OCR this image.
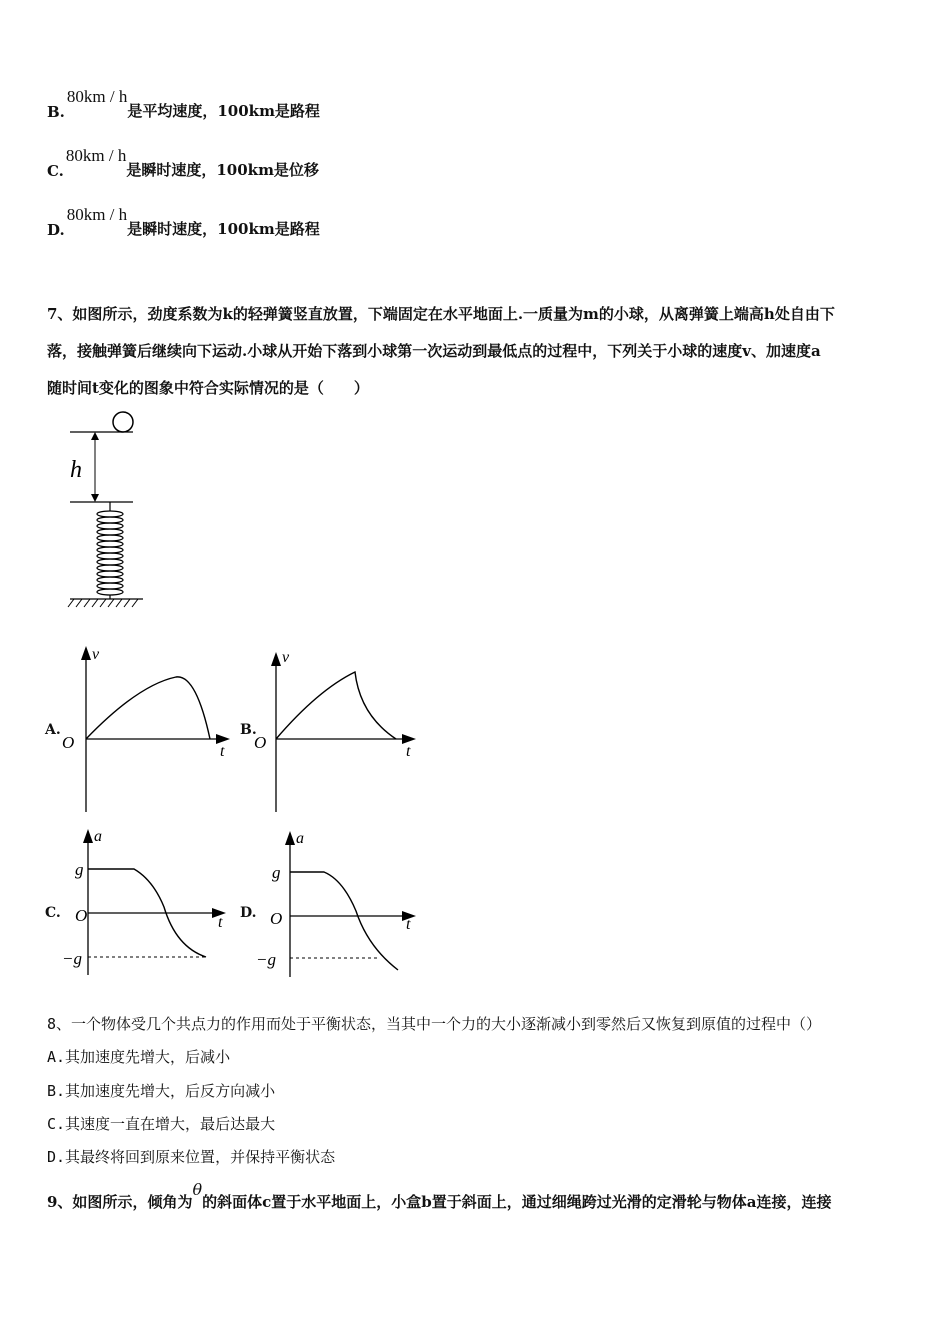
B.80km / h是平均速度，100km是路程
C.80km / h是瞬时速度，100km是位移
D.80km / h是瞬时速度，100km是路程
7、如图所示，劲度系数为k的轻弹簧竖直放置，下端固定在水平地面上.一质量为m的小球，从离弹簧上端高h处自由下
落，接触弹簧后继续向下运动.小球从开始下落到小球第一次运动到最低点的过程中，下列关于小球的速度v、加速度a
随时间t变化的图象中符合实际情况的是（　　）
h
A.
v
t
O
B.
v
t
O
C.
a
t
g
O
−g
D.
a
t
g
O
−g
8、一个物体受几个共点力的作用而处于平衡状态，当其中一个力的大小逐渐减小到零然后又恢复到原值的过程中（）
A.其加速度先增大，后减小
B.其加速度先增大，后反方向减小
C.其速度一直在增大，最后达最大
D.其最终将回到原来位置，并保持平衡状态
9、如图所示，倾角为θ的斜面体c置于水平地面上，小盒b置于斜面上，通过细绳跨过光滑的定滑轮与物体a连接，连接
